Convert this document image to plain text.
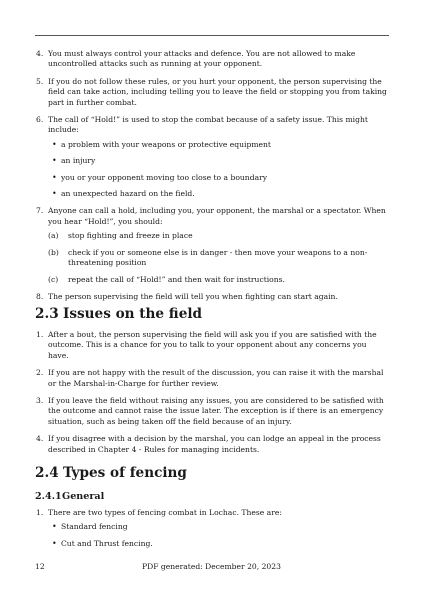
4. You must always control your attacks and defence. You are not allowed to make uncontrolled attacks such as running at your opponent.
5. If you do not follow these rules, or you hurt your opponent, the person supervising the field can take action, including telling you to leave the field or stopping you from taking part in further combat.
6. The call of “Hold!” is used to stop the combat because of a safety issue. This might include:
• a problem with your weapons or protective equipment
• an injury
• you or your opponent moving too close to a boundary
• an unexpected hazard on the field.
7. Anyone can call a hold, including you, your opponent, the marshal or a spectator. When you hear “Hold!”, you should:
(a) stop fighting and freeze in place
(b) check if you or someone else is in danger - then move your weapons to a non-threatening position
(c) repeat the call of “Hold!” and then wait for instructions.
8. The person supervising the field will tell you when fighting can start again.
2.3 Issues on the field
1. After a bout, the person supervising the field will ask you if you are satisfied with the outcome. This is a chance for you to talk to your opponent about any concerns you have.
2. If you are not happy with the result of the discussion, you can raise it with the marshal or the Marshal-in-Charge for further review.
3. If you leave the field without raising any issues, you are considered to be satisfied with the outcome and cannot raise the issue later. The exception is if there is an emergency situation, such as being taken off the field because of an injury.
4. If you disagree with a decision by the marshal, you can lodge an appeal in the process described in Chapter 4 - Rules for managing incidents.
2.4 Types of fencing
2.4.1General
1. There are two types of fencing combat in Lochac. These are:
• Standard fencing
• Cut and Thrust fencing.
12	PDF generated: December 20, 2023
